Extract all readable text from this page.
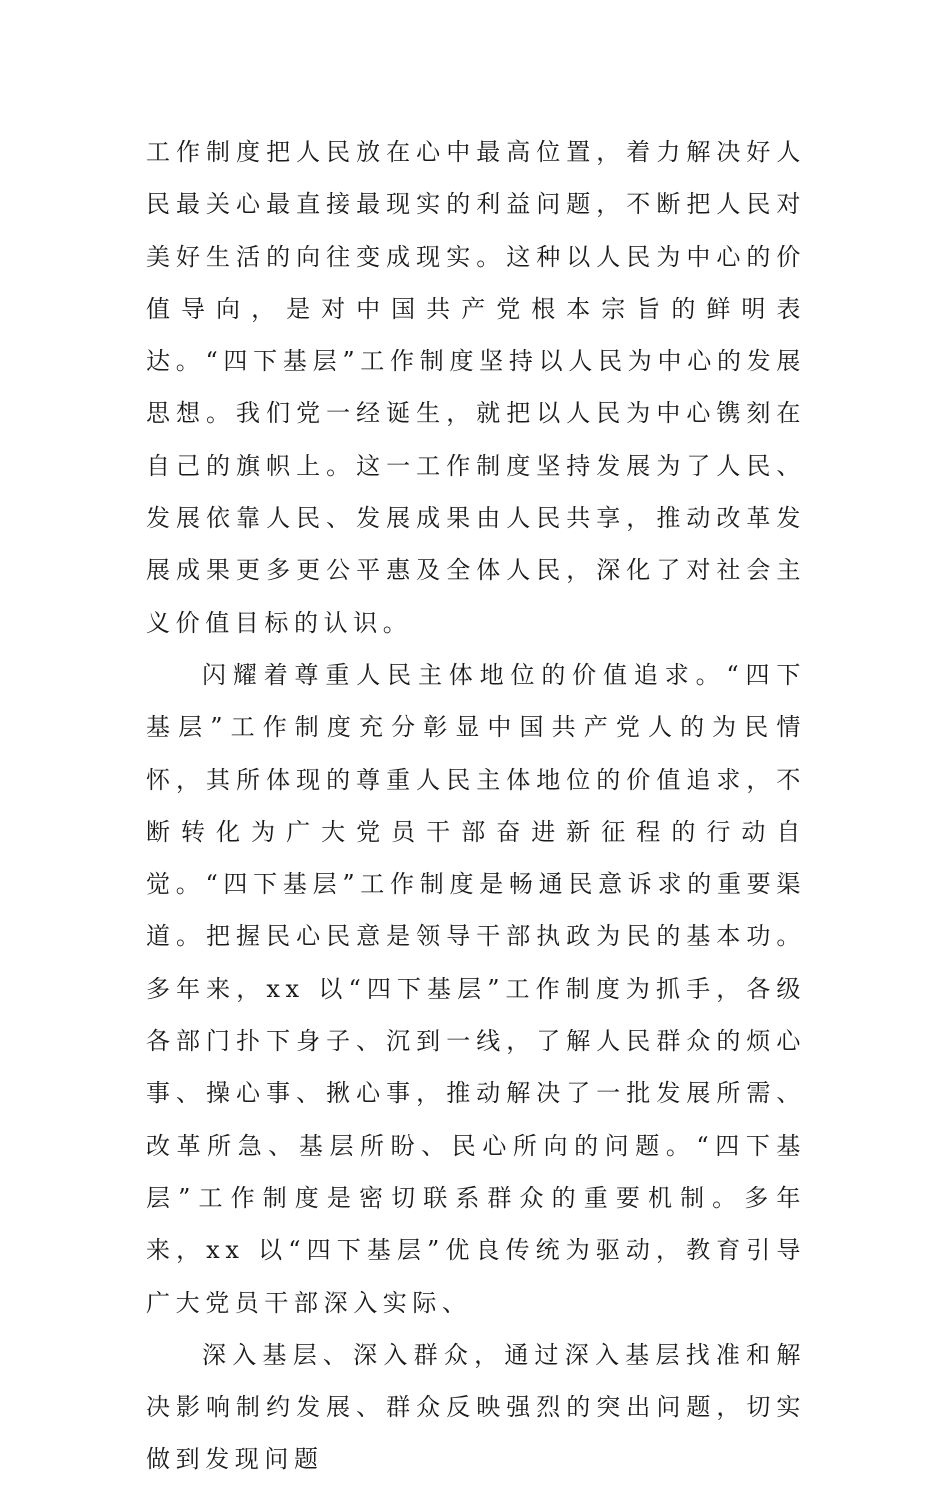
工作制度把人民放在心中最高位置，着力解决好人民最关心最直接最现实的利益问题，不断把人民对美好生活的向往变成现实。这种以人民为中心的价值导向，是对中国共产党根本宗旨的鲜明表达。“四下基层”工作制度坚持以人民为中心的发展思想。我们党一经诞生，就把以人民为中心镌刻在自己的旗帜上。这一工作制度坚持发展为了人民、发展依靠人民、发展成果由人民共享，推动改革发展成果更多更公平惠及全体人民，深化了对社会主义价值目标的认识。

闪耀着尊重人民主体地位的价值追求。“四下基层”工作制度充分彰显中国共产党人的为民情怀，其所体现的尊重人民主体地位的价值追求，不断转化为广大党员干部奋进新征程的行动自觉。“四下基层”工作制度是畅通民意诉求的重要渠道。把握民心民意是领导干部执政为民的基本功。多年来，xx 以“四下基层”工作制度为抓手，各级各部门扑下身子、沉到一线，了解人民群众的烦心事、操心事、揪心事，推动解决了一批发展所需、改革所急、基层所盼、民心所向的问题。“四下基层”工作制度是密切联系群众的重要机制。多年来，xx 以“四下基层”优良传统为驱动，教育引导广大党员干部深入实际、

深入基层、深入群众，通过深入基层找准和解决影响制约发展、群众反映强烈的突出问题，切实做到发现问题
